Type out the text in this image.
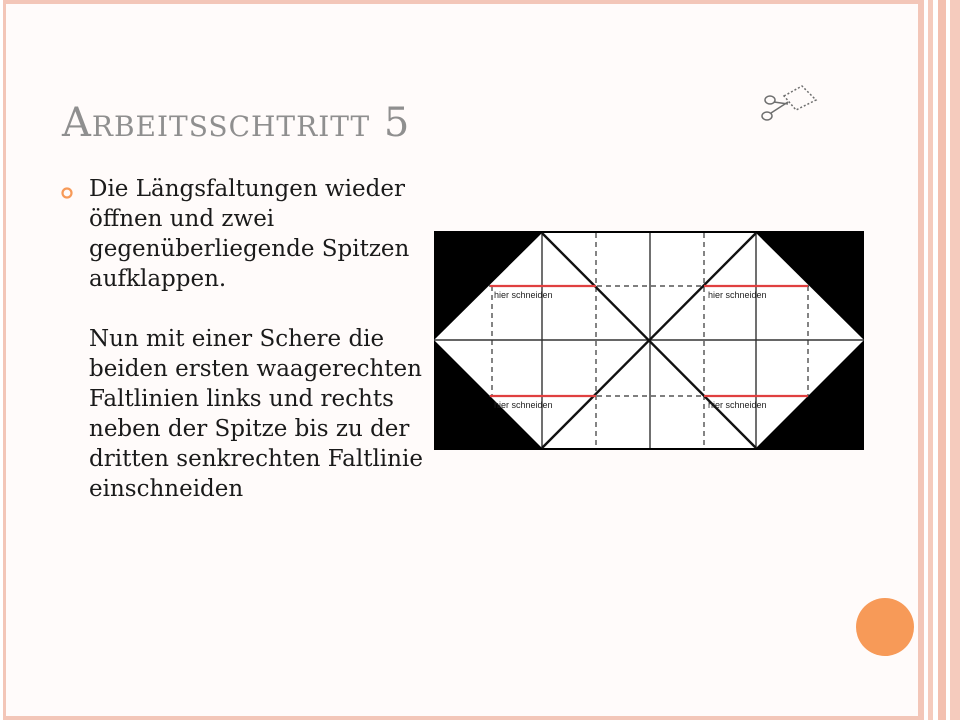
Arbeitsschtritt 5

Die Längsfaltungen wieder öffnen und zwei gegenüberliegende Spitzen aufklappen.

Nun mit einer Schere die beiden ersten waagerechten Faltlinien links und rechts neben der Spitze bis zu der dritten senkrechten Faltlinie einschneiden

hier schneiden
hier schneiden
hier schneiden
hier schneiden
